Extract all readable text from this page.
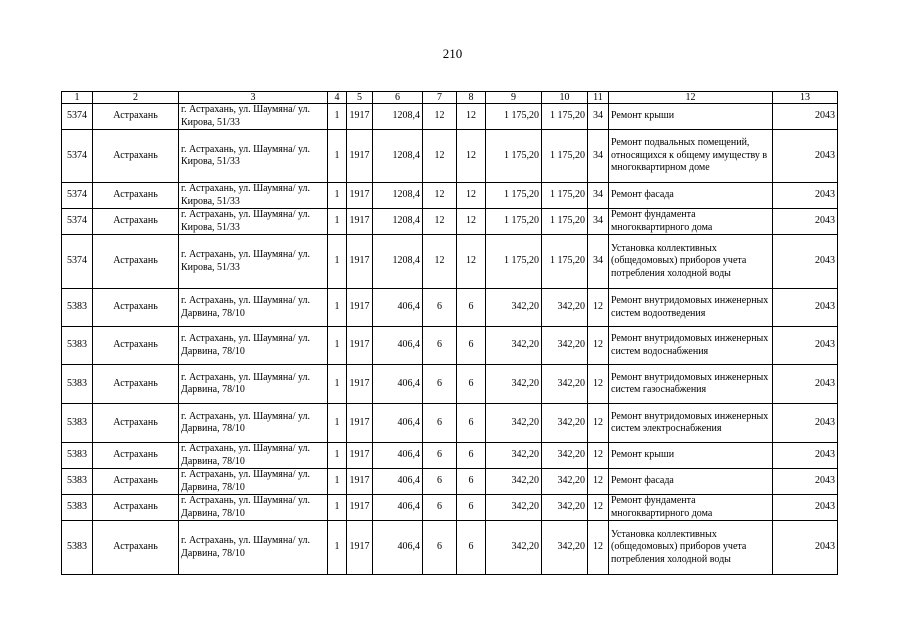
210
1	2	3	4	5	6	7	8	9	10	11	12	13
5374	Астрахань	г. Астрахань, ул. Шаумяна/ ул. Кирова, 51/33	1	1917	1208,4	12	12	1 175,20	1 175,20	34	Ремонт крыши	2043
5374	Астрахань	г. Астрахань, ул. Шаумяна/ ул. Кирова, 51/33	1	1917	1208,4	12	12	1 175,20	1 175,20	34	Ремонт подвальных помещений, относящихся к общему имуществу в многоквартирном доме	2043
5374	Астрахань	г. Астрахань, ул. Шаумяна/ ул. Кирова, 51/33	1	1917	1208,4	12	12	1 175,20	1 175,20	34	Ремонт фасада	2043
5374	Астрахань	г. Астрахань, ул. Шаумяна/ ул. Кирова, 51/33	1	1917	1208,4	12	12	1 175,20	1 175,20	34	Ремонт фундамента многоквартирного дома	2043
5374	Астрахань	г. Астрахань, ул. Шаумяна/ ул. Кирова, 51/33	1	1917	1208,4	12	12	1 175,20	1 175,20	34	Установка коллективных (общедомовых) приборов учета потребления холодной воды	2043
5383	Астрахань	г. Астрахань, ул. Шаумяна/ ул. Дарвина, 78/10	1	1917	406,4	6	6	342,20	342,20	12	Ремонт внутридомовых инженерных систем водоотведения	2043
5383	Астрахань	г. Астрахань, ул. Шаумяна/ ул. Дарвина, 78/10	1	1917	406,4	6	6	342,20	342,20	12	Ремонт внутридомовых инженерных систем водоснабжения	2043
5383	Астрахань	г. Астрахань, ул. Шаумяна/ ул. Дарвина, 78/10	1	1917	406,4	6	6	342,20	342,20	12	Ремонт внутридомовых инженерных систем газоснабжения	2043
5383	Астрахань	г. Астрахань, ул. Шаумяна/ ул. Дарвина, 78/10	1	1917	406,4	6	6	342,20	342,20	12	Ремонт внутридомовых инженерных систем электроснабжения	2043
5383	Астрахань	г. Астрахань, ул. Шаумяна/ ул. Дарвина, 78/10	1	1917	406,4	6	6	342,20	342,20	12	Ремонт крыши	2043
5383	Астрахань	г. Астрахань, ул. Шаумяна/ ул. Дарвина, 78/10	1	1917	406,4	6	6	342,20	342,20	12	Ремонт фасада	2043
5383	Астрахань	г. Астрахань, ул. Шаумяна/ ул. Дарвина, 78/10	1	1917	406,4	6	6	342,20	342,20	12	Ремонт фундамента многоквартирного дома	2043
5383	Астрахань	г. Астрахань, ул. Шаумяна/ ул. Дарвина, 78/10	1	1917	406,4	6	6	342,20	342,20	12	Установка коллективных (общедомовых) приборов учета потребления холодной воды	2043
